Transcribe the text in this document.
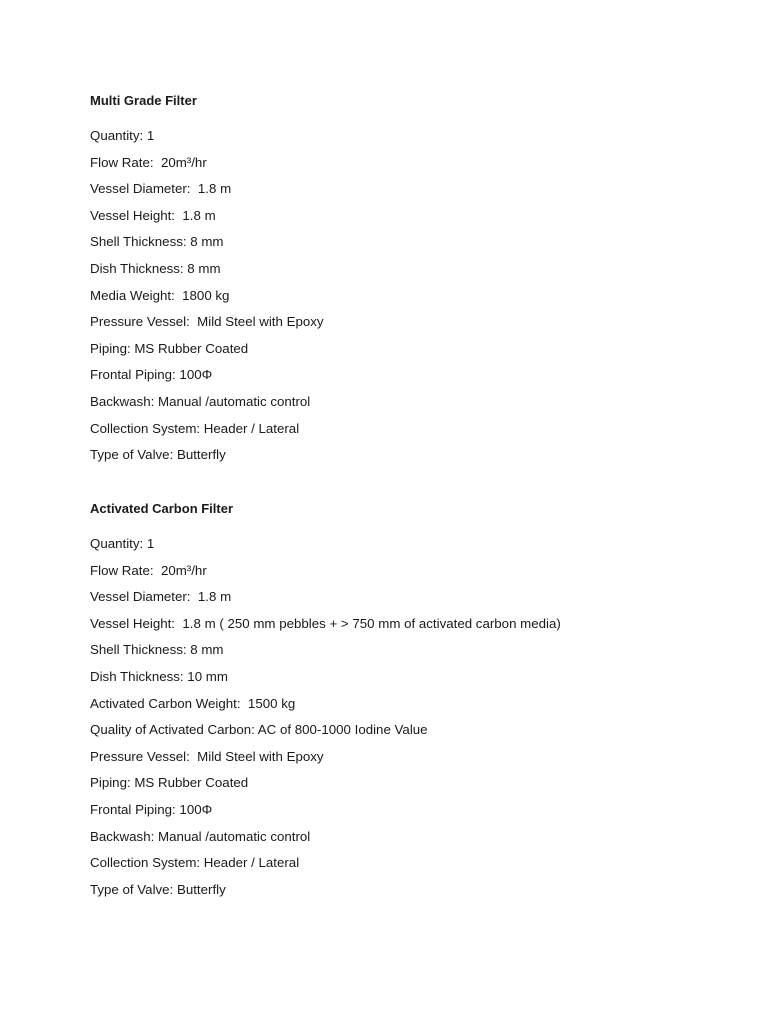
Multi Grade Filter
Quantity: 1
Flow Rate:  20m³/hr
Vessel Diameter:  1.8 m
Vessel Height:  1.8 m
Shell Thickness: 8 mm
Dish Thickness: 8 mm
Media Weight:  1800 kg
Pressure Vessel:  Mild Steel with Epoxy
Piping: MS Rubber Coated
Frontal Piping: 100Φ
Backwash: Manual /automatic control
Collection System: Header / Lateral
Type of Valve: Butterfly
Activated Carbon Filter
Quantity: 1
Flow Rate:  20m³/hr
Vessel Diameter:  1.8 m
Vessel Height:  1.8 m ( 250 mm pebbles + > 750 mm of activated carbon media)
Shell Thickness: 8 mm
Dish Thickness: 10 mm
Activated Carbon Weight:  1500 kg
Quality of Activated Carbon: AC of 800-1000 Iodine Value
Pressure Vessel:  Mild Steel with Epoxy
Piping: MS Rubber Coated
Frontal Piping: 100Φ
Backwash: Manual /automatic control
Collection System: Header / Lateral
Type of Valve: Butterfly
